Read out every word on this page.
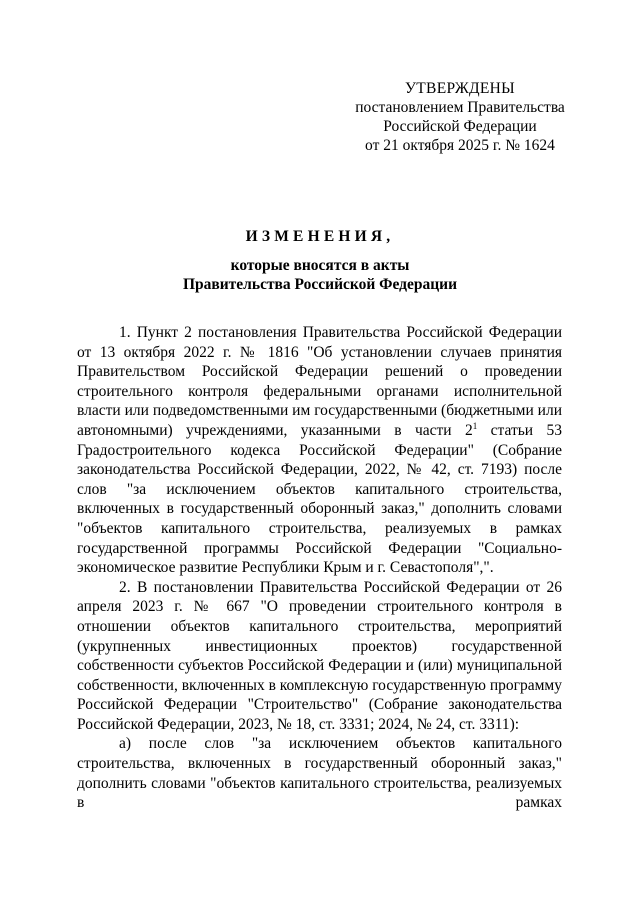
УТВЕРЖДЕНЫ
постановлением Правительства
Российской Федерации
от 21 октября 2025 г. № 1624
ИЗМЕНЕНИЯ,
которые вносятся в акты
Правительства Российской Федерации

1. Пункт 2 постановления Правительства Российской Федерации от 13 октября 2022 г. № 1816 "Об установлении случаев принятия Правительством Российской Федерации решений о проведении строительного контроля федеральными органами исполнительной власти или подведомственными им государственными (бюджетными или автономными) учреждениями, указанными в части $2^1$ статьи 53 Градостроительного кодекса Российской Федерации" (Собрание законодательства Российской Федерации, 2022, № 42, ст. 7193) после слов "за исключением объектов капитального строительства, включенных в государственный оборонный заказ," дополнить словами "объектов капитального строительства, реализуемых в рамках государственной программы Российской Федерации "Социально-экономическое развитие Республики Крым и г. Севастополя",".

2. В постановлении Правительства Российской Федерации от 26 апреля 2023 г. № 667 "О проведении строительного контроля в отношении объектов капитального строительства, мероприятий (укрупненных инвестиционных проектов) государственной собственности субъектов Российской Федерации и (или) муниципальной собственности, включенных в комплексную государственную программу Российской Федерации "Строительство" (Собрание законодательства Российской Федерации, 2023, № 18, ст. 3331; 2024, № 24, ст. 3311):

а) после слов "за исключением объектов капитального строительства, включенных в государственный оборонный заказ," дополнить словами "объектов капитального строительства, реализуемых в рамках
